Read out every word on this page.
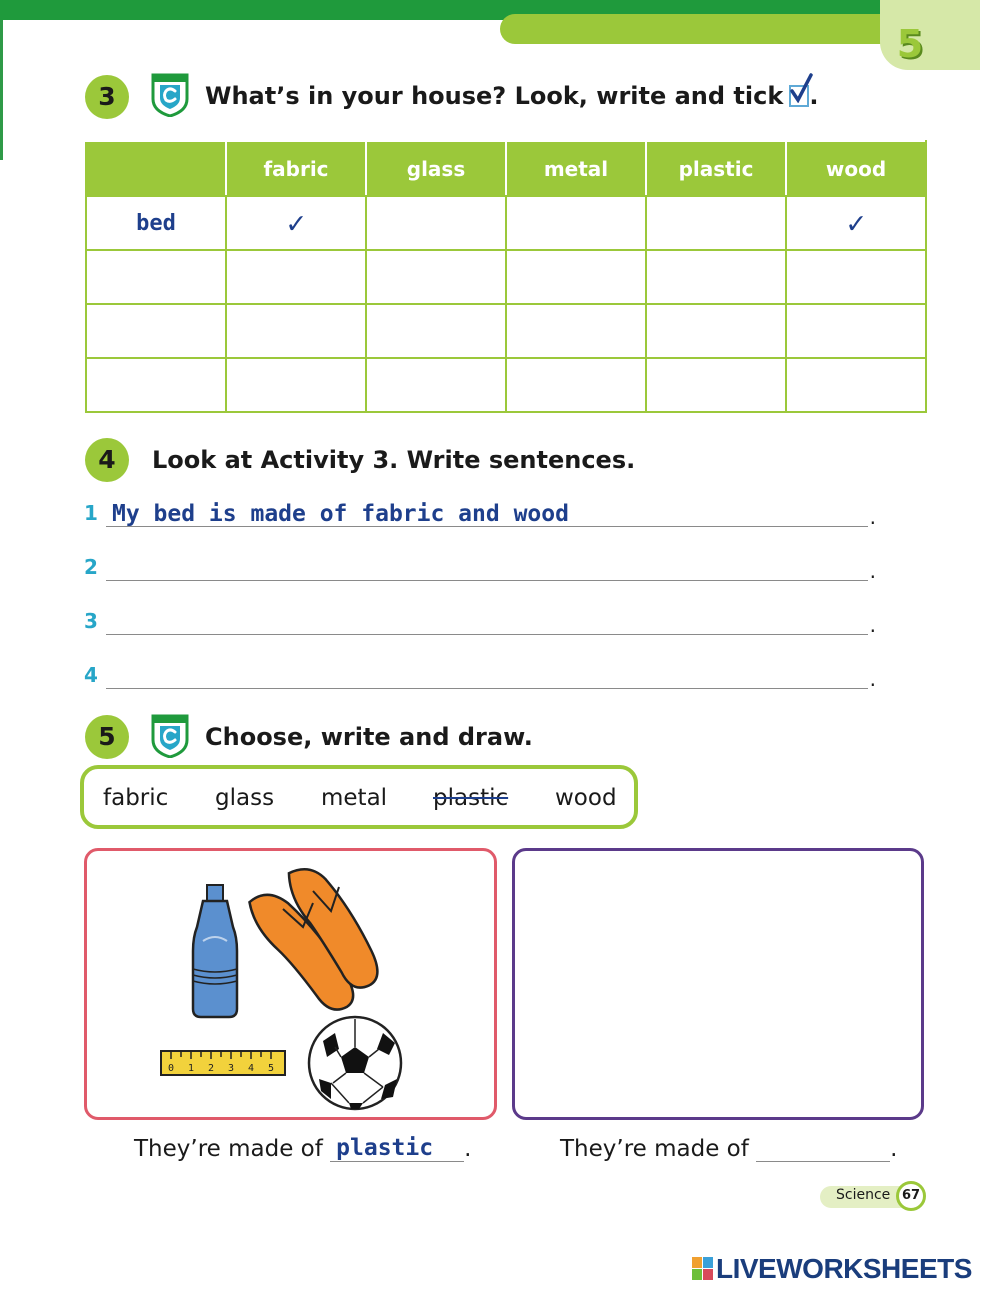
5
3	What’s in your house? Look, write and tick .
	fabric	glass	metal	plastic	wood
bed	✓				✓

4	Look at Activity 3. Write sentences.
1 My bed is made of fabric and wood	.
2	.
3	.
4	.
5	Choose, write and draw.
fabric glass metal plastic wood
0 1 2 3 4 5
They’re made of plastic .	They’re made of	.
Science 67
LIVEWORKSHEETS
